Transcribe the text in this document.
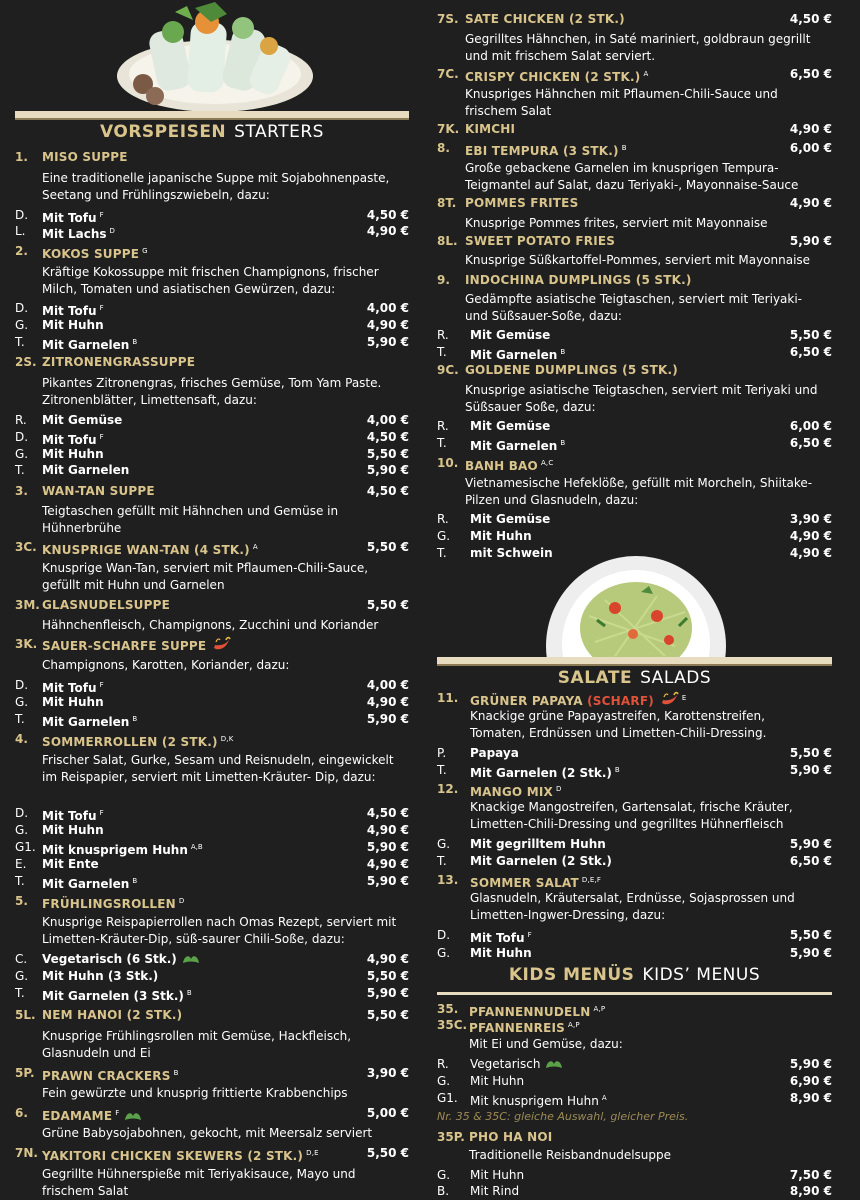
VORSPEISEN STARTERS
1. MISO SUPPE
Eine traditionelle japanische Suppe mit Sojabohnenpaste, Seetang und Frühlingszwiebeln, dazu:
D. Mit Tofu $^F$	4,50 €
L. Mit Lachs $^D$	4,90 €
2. KOKOS SUPPE $^G$
Kräftige Kokossuppe mit frischen Champignons, frischer Milch, Tomaten und asiatischen Gewürzen, dazu:
D. Mit Tofu $^F$	4,00 €
G. Mit Huhn	4,90 €
T. Mit Garnelen $^B$	5,90 €
2S. ZITRONENGRASSUPPE
Pikantes Zitronengras, frisches Gemüse, Tom Yam Paste. Zitronenblätter, Limettensaft, dazu:
R. Mit Gemüse	4,00 €
D. Mit Tofu $^F$	4,50 €
G. Mit Huhn	5,50 €
T. Mit Garnelen	5,90 €
3. WAN-TAN SUPPE	4,50 €
Teigtaschen gefüllt mit Hähnchen und Gemüse in Hühnerbrühe
3C. KNUSPRIGE WAN-TAN (4 STK.) $^A$	5,50 €
Knusprige Wan-Tan, serviert mit Pflaumen-Chili-Sauce, gefüllt mit Huhn und Garnelen
3M. GLASNUDELSUPPE	5,50 €
Hähnchenfleisch, Champignons, Zucchini und Koriander
3K. SAUER-SCHARFE SUPPE
Champignons, Karotten, Koriander, dazu:
D. Mit Tofu $^F$	4,00 €
G. Mit Huhn	4,90 €
T. Mit Garnelen $^B$	5,90 €
4. SOMMERROLLEN (2 STK.) $^{D,K}$
Frischer Salat, Gurke, Sesam und Reisnudeln, eingewickelt im Reispapier, serviert mit Limetten-Kräuter- Dip, dazu:
D. Mit Tofu $^F$	4,50 €
G. Mit Huhn	4,90 €
G1. Mit knusprigem Huhn $^{A,B}$	5,90 €
E. Mit Ente	4,90 €
T. Mit Garnelen $^B$	5,90 €
5. FRÜHLINGSROLLEN $^D$
Knusprige Reispapierrollen nach Omas Rezept, serviert mit Limetten-Kräuter-Dip, süß-saurer Chili-Soße, dazu:
C. Vegetarisch (6 Stk.)	4,90 €
G. Mit Huhn (3 Stk.)	5,50 €
T. Mit Garnelen (3 Stk.) $^B$	5,90 €
5L. NEM HANOI (2 STK.)	5,50 €
Knusprige Frühlingsrollen mit Gemüse, Hackfleisch, Glasnudeln und Ei
5P. PRAWN CRACKERS $^B$	3,90 €
Fein gewürzte und knusprig frittierte Krabbenchips
6. EDAMAME $^F$	5,00 €
Grüne Babysojabohnen, gekocht, mit Meersalz serviert
7N. YAKITORI CHICKEN SKEWERS (2 STK.) $^{D,E}$	5,50 €
Gegrillte Hühnerspieße mit Teriyakisauce, Mayo und frischem Salat
7S. SATE CHICKEN (2 STK.)	4,50 €
Gegrilltes Hähnchen, in Saté mariniert, goldbraun gegrillt und mit frischem Salat serviert.
7C. CRISPY CHICKEN (2 STK.) $^A$	6,50 €
Knuspriges Hähnchen mit Pflaumen-Chili-Sauce und frischem Salat
7K. KIMCHI	4,90 €
8. EBI TEMPURA (3 STK.) $^B$	6,00 €
Große gebackene Garnelen im knusprigen Tempura-Teigmantel auf Salat, dazu Teriyaki-, Mayonnaise-Sauce
8T. POMMES FRITES	4,90 €
Knusprige Pommes frites, serviert mit Mayonnaise
8L. SWEET POTATO FRIES	5,90 €
Knusprige Süßkartoffel-Pommes, serviert mit Mayonnaise
9. INDOCHINA DUMPLINGS (5 STK.)
Gedämpfte asiatische Teigtaschen, serviert mit Teriyaki- und Süßsauer-Soße, dazu:
R. Mit Gemüse	5,50 €
T. Mit Garnelen $^B$	6,50 €
9C. GOLDENE DUMPLINGS (5 STK.)
Knusprige asiatische Teigtaschen, serviert mit Teriyaki und Süßsauer Soße, dazu:
R. Mit Gemüse	6,00 €
T. Mit Garnelen $^B$	6,50 €
10. BANH BAO $^{A,C}$
Vietnamesische Hefeklöße, gefüllt mit Morcheln, Shiitake-Pilzen und Glasnudeln, dazu:
R. Mit Gemüse	3,90 €
G. Mit Huhn	4,90 €
T. mit Schwein	4,90 €
SALATE SALADS
11. GRÜNER PAPAYA (SCHARF)	$^E$
Knackige grüne Papayastreifen, Karottenstreifen, Tomaten, Erdnüssen und Limetten-Chili-Dressing.
P. Papaya	5,50 €
T. Mit Garnelen (2 Stk.) $^B$	5,90 €
12. MANGO MIX $^D$
Knackige Mangostreifen, Gartensalat, frische Kräuter, Limetten-Chili-Dressing und gegrilltes Hühnerfleisch
G. Mit gegrilltem Huhn	5,90 €
T. Mit Garnelen (2 Stk.)	6,50 €
13. SOMMER SALAT $^{D,E,F}$
Glasnudeln, Kräutersalat, Erdnüsse, Sojasprossen und Limetten-Ingwer-Dressing, dazu:
D. Mit Tofu $^F$	5,50 €
G. Mit Huhn	5,90 €
KIDS MENÜS KIDS’ MENUS
35. PFANNENNUDELN $^{A,P}$
35C. PFANNENREIS $^{A,P}$
Mit Ei und Gemüse, dazu:
R. Vegetarisch	5,90 €
G. Mit Huhn	6,90 €
G1. Mit knusprigem Huhn $^A$	8,90 €
Nr. 35 & 35C: gleiche Auswahl, gleicher Preis.
35P. PHO HA NOI
Traditionelle Reisbandnudelsuppe
G. Mit Huhn	7,50 €
B. Mit Rind	8,90 €
